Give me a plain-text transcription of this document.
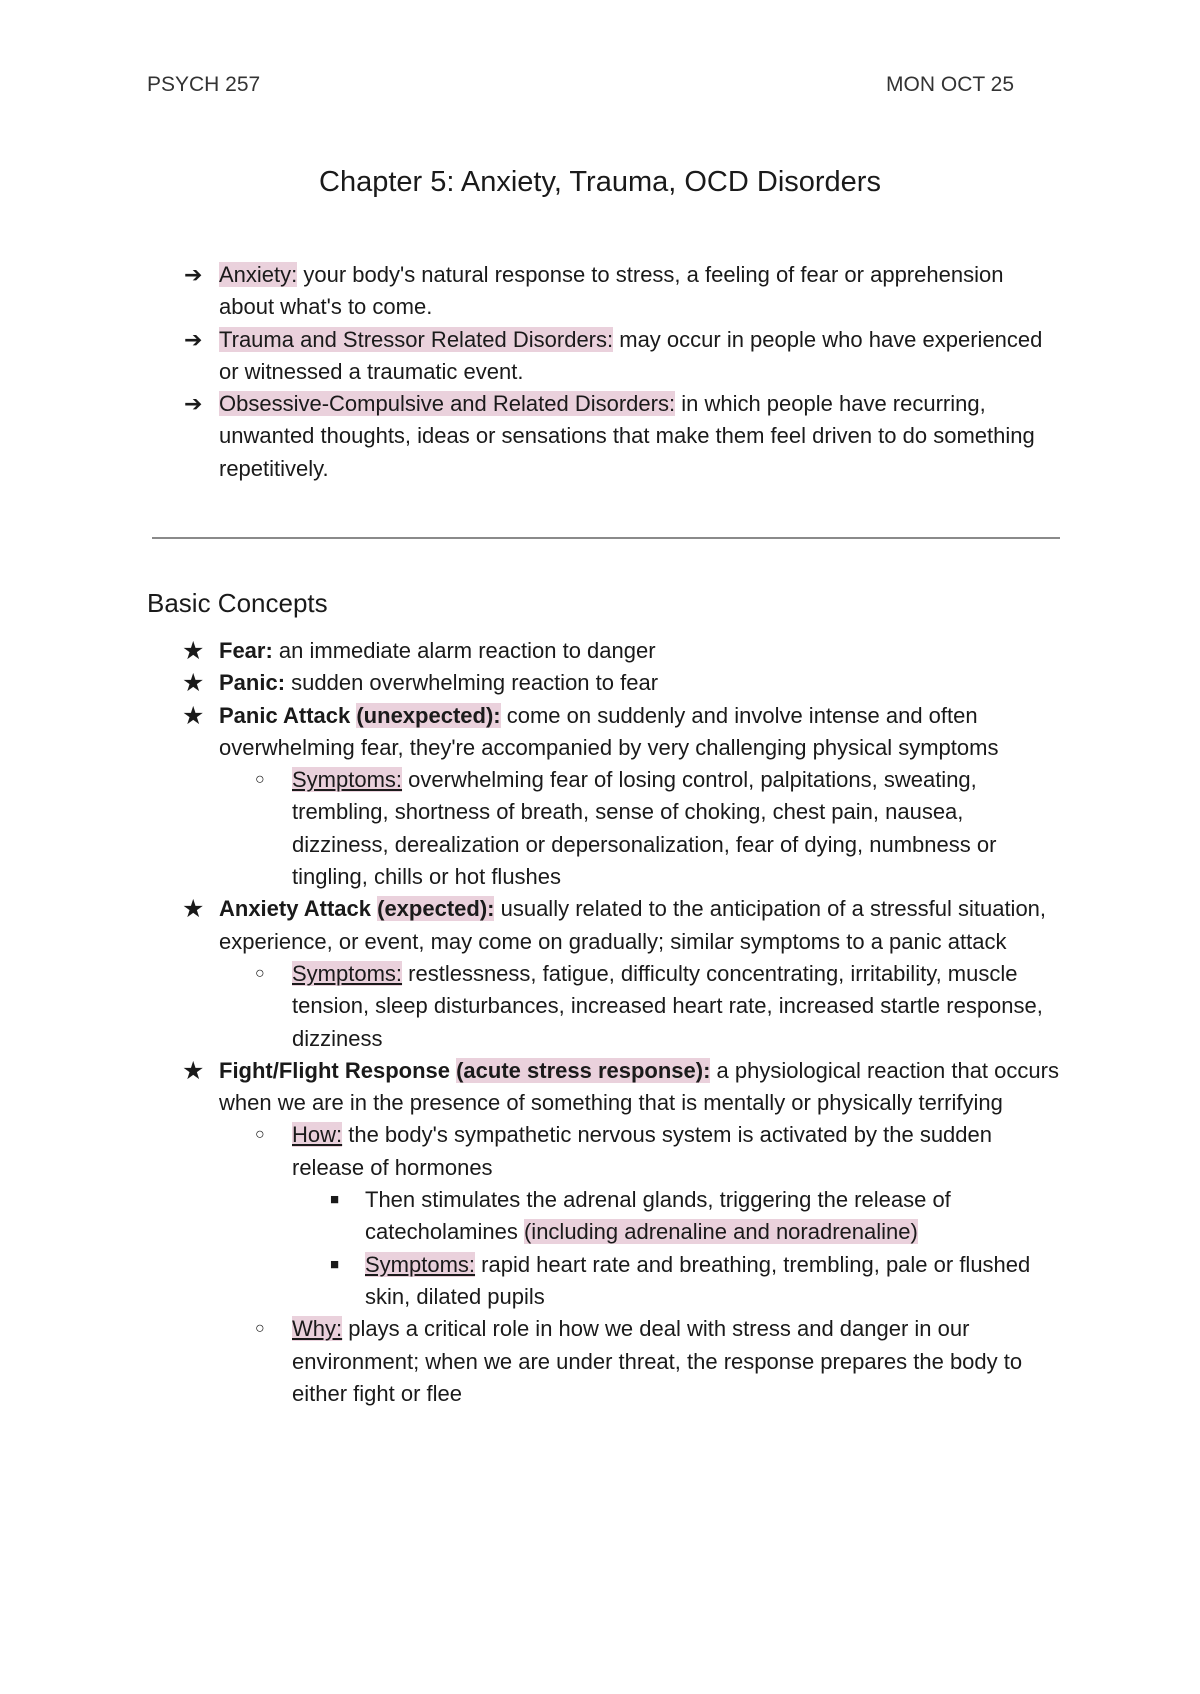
PSYCH 257	MON OCT 25
Chapter 5: Anxiety, Trauma, OCD Disorders
➔ Anxiety: your body's natural response to stress, a feeling of fear or apprehension about what's to come.
➔ Trauma and Stressor Related Disorders: may occur in people who have experienced or witnessed a traumatic event.
➔ Obsessive-Compulsive and Related Disorders: in which people have recurring, unwanted thoughts, ideas or sensations that make them feel driven to do something repetitively.
Basic Concepts
★ Fear: an immediate alarm reaction to danger
★ Panic: sudden overwhelming reaction to fear
★ Panic Attack (unexpected): come on suddenly and involve intense and often overwhelming fear, they're accompanied by very challenging physical symptoms
○ Symptoms: overwhelming fear of losing control, palpitations, sweating, trembling, shortness of breath, sense of choking, chest pain, nausea, dizziness, derealization or depersonalization, fear of dying, numbness or tingling, chills or hot flushes
★ Anxiety Attack (expected): usually related to the anticipation of a stressful situation, experience, or event, may come on gradually; similar symptoms to a panic attack
○ Symptoms: restlessness, fatigue, difficulty concentrating, irritability, muscle tension, sleep disturbances, increased heart rate, increased startle response, dizziness
★ Fight/Flight Response (acute stress response): a physiological reaction that occurs when we are in the presence of something that is mentally or physically terrifying
○ How: the body's sympathetic nervous system is activated by the sudden release of hormones
■ Then stimulates the adrenal glands, triggering the release of catecholamines (including adrenaline and noradrenaline)
■ Symptoms: rapid heart rate and breathing, trembling, pale or flushed skin, dilated pupils
○ Why: plays a critical role in how we deal with stress and danger in our environment; when we are under threat, the response prepares the body to either fight or flee
